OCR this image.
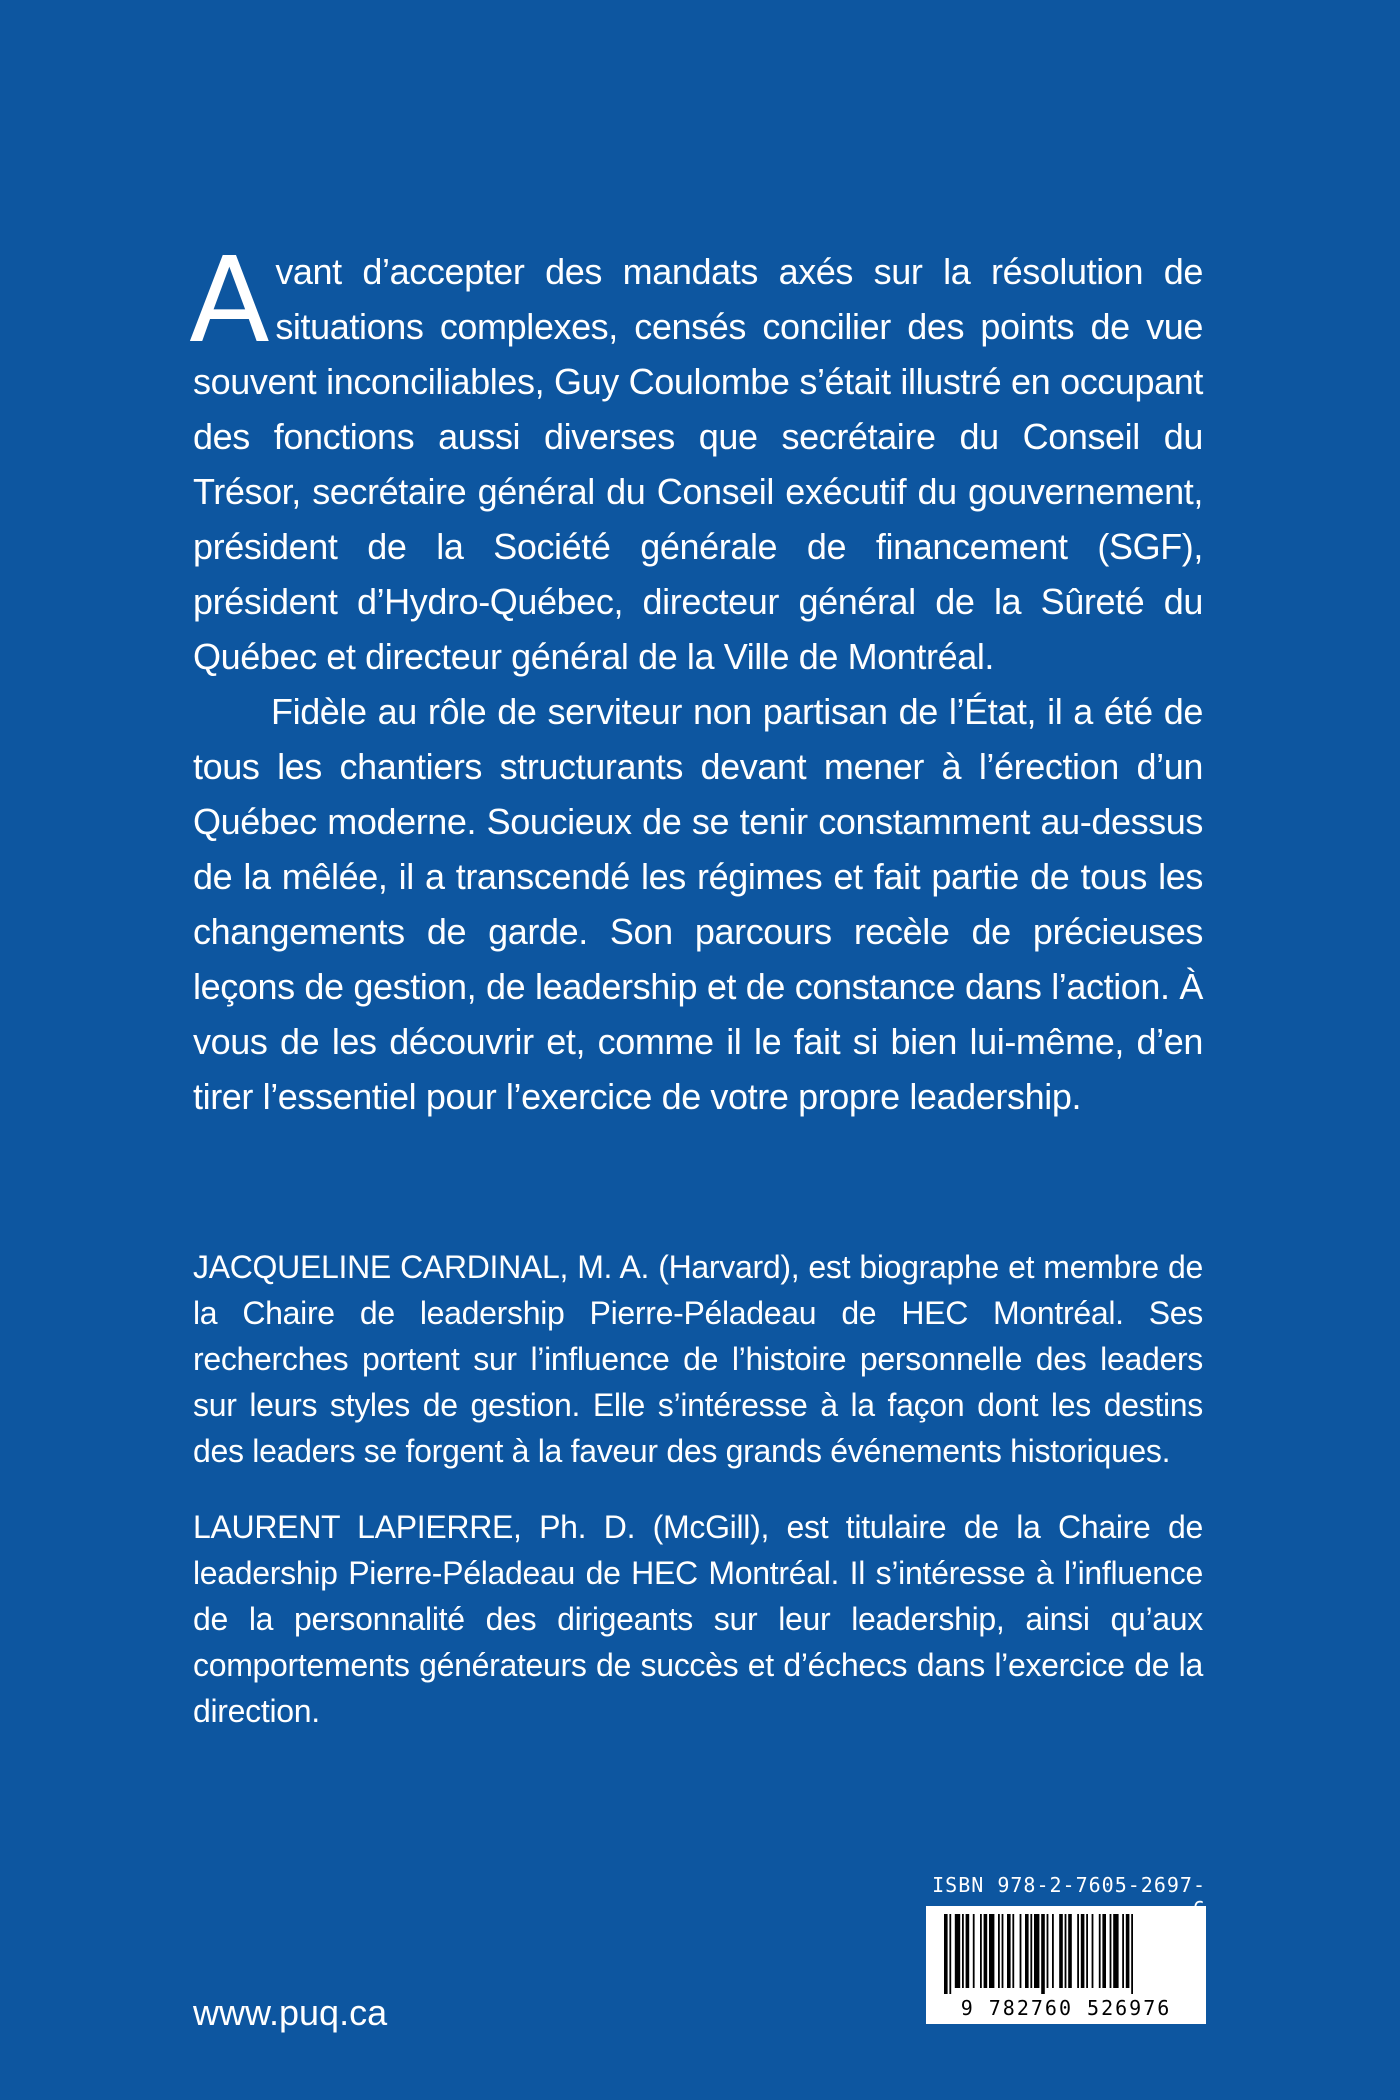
Avant d’accepter des mandats axés sur la résolution de situations complexes, censés concilier des points de vue souvent inconciliables, Guy Coulombe s’était illustré en occupant des fonctions aussi diverses que secrétaire du Conseil du Trésor, secrétaire général du Conseil exécutif du gouvernement, président de la Société générale de financement (SGF), président d’Hydro-Québec, directeur général de la Sûreté du Québec et directeur général de la Ville de Montréal.

Fidèle au rôle de serviteur non partisan de l’État, il a été de tous les chantiers structurants devant mener à l’érection d’un Québec moderne. Soucieux de se tenir constamment au-dessus de la mêlée, il a transcendé les régimes et fait partie de tous les changements de garde. Son parcours recèle de précieuses leçons de gestion, de leadership et de constance dans l’action. À vous de les découvrir et, comme il le fait si bien lui-même, d’en tirer l’essentiel pour l’exercice de votre propre leadership.

JACQUELINE CARDINAL, M. A. (Harvard), est biographe et membre de la Chaire de leadership Pierre-Péladeau de HEC Montréal. Ses recherches portent sur l’influence de l’histoire personnelle des leaders sur leurs styles de gestion. Elle s’intéresse à la façon dont les destins des leaders se forgent à la faveur des grands événements historiques.

LAURENT LAPIERRE, Ph. D. (McGill), est titulaire de la Chaire de leadership Pierre-Péladeau de HEC Montréal. Il s’intéresse à l’influence de la personnalité des dirigeants sur leur leadership, ainsi qu’aux comportements générateurs de succès et d’échecs dans l’exercice de la direction.

www.puq.ca
ISBN 978-2-7605-2697-
9 782760 526976
